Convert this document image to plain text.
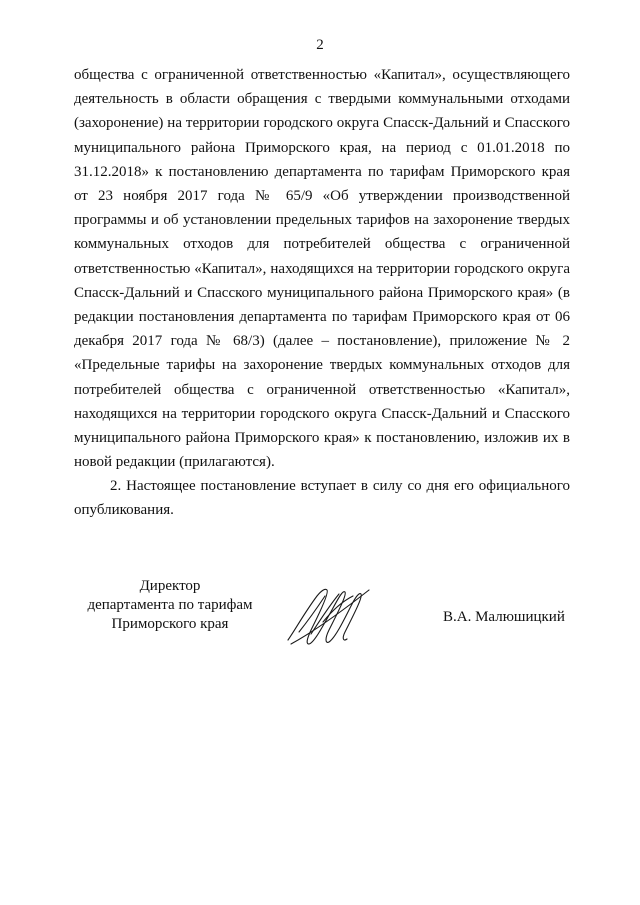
2

общества с ограниченной ответственностью «Капитал», осуществляющего деятельность в области обращения с твердыми коммунальными отходами (захоронение) на территории городского округа Спасск-Дальний и Спасского муниципального района Приморского края, на период с 01.01.2018 по 31.12.2018» к постановлению департамента по тарифам Приморского края от 23 ноября 2017 года № 65/9 «Об утверждении производственной программы и об установлении предельных тарифов на захоронение твердых коммунальных отходов для потребителей общества с ограниченной ответственностью «Капитал», находящихся на территории городского округа Спасск-Дальний и Спасского муниципального района Приморского края» (в редакции постановления департамента по тарифам Приморского края от 06 декабря 2017 года № 68/3) (далее – постановление), приложение № 2 «Предельные тарифы на захоронение твердых коммунальных отходов для потребителей общества с ограниченной ответственностью «Капитал», находящихся на территории городского округа Спасск-Дальний и Спасского муниципального района Приморского края» к постановлению, изложив их в новой редакции (прилагаются).

2. Настоящее постановление вступает в силу со дня его официального опубликования.

Директор
департамента по тарифам
Приморского края	В.А. Малюшицкий
